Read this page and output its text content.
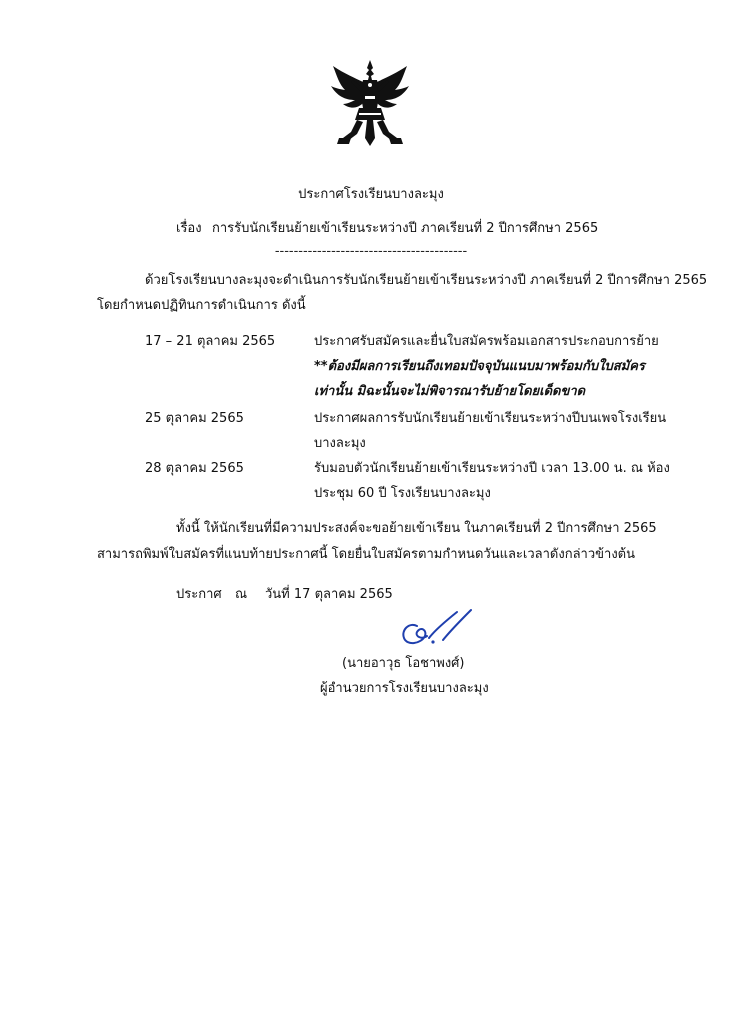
ประกาศโรงเรียนบางละมุง
เรื่อง การรับนักเรียนย้ายเข้าเรียนระหว่างปี ภาคเรียนที่ 2 ปีการศึกษา 2565
-----------------------------------------
ด้วยโรงเรียนบางละมุงจะดำเนินการรับนักเรียนย้ายเข้าเรียนระหว่างปี ภาคเรียนที่ 2 ปีการศึกษา 2565
โดยกำหนดปฏิทินการดำเนินการ ดังนี้
17 – 21 ตุลาคม 2565	ประกาศรับสมัครและยื่นใบสมัครพร้อมเอกสารประกอบการย้าย
**ต้องมีผลการเรียนถึงเทอมปัจจุบันแนบมาพร้อมกับใบสมัคร
เท่านั้น มิฉะนั้นจะไม่พิจารณารับย้ายโดยเด็ดขาด
25 ตุลาคม 2565	ประกาศผลการรับนักเรียนย้ายเข้าเรียนระหว่างปีบนเพจโรงเรียน
บางละมุง
28 ตุลาคม 2565	รับมอบตัวนักเรียนย้ายเข้าเรียนระหว่างปี เวลา 13.00 น. ณ ห้อง
ประชุม 60 ปี โรงเรียนบางละมุง
ทั้งนี้ ให้นักเรียนที่มีความประสงค์จะขอย้ายเข้าเรียน ในภาคเรียนที่ 2 ปีการศึกษา 2565
สามารถพิมพ์ใบสมัครที่แนบท้ายประกาศนี้ โดยยื่นใบสมัครตามกำหนดวันและเวลาดังกล่าวข้างต้น
ประกาศ ณ วันที่ 17 ตุลาคม 2565
(นายอาวุธ โอชาพงศ์)
ผู้อำนวยการโรงเรียนบางละมุง
